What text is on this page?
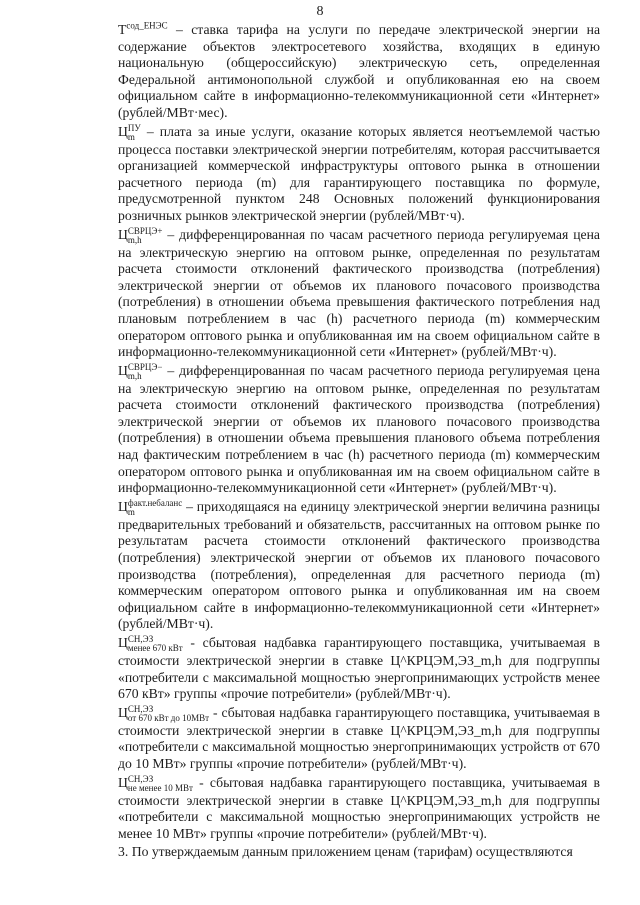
8

$Т^{сод\_ЕНЭС}$ – ставка тарифа на услуги по передаче электрической энергии на содержание объектов электросетевого хозяйства, входящих в единую национальную (общероссийскую) электрическую сеть, определенная Федеральной антимонопольной службой и опубликованная ею на своем официальном сайте в информационно-телекоммуникационной сети «Интернет» (рублей/МВт·мес).

Ц ПУ
m – плата за иные услуги, оказание которых является неотъемлемой частью процесса поставки электрической энергии потребителям, которая рассчитывается организацией коммерческой инфраструктуры оптового рынка в отношении расчетного периода (m) для гарантирующего поставщика по формуле, предусмотренной пунктом 248 Основных положений функционирования розничных рынков электрической энергии (рублей/МВт·ч).

Ц СВРЦЭ+
m,h	– дифференцированная по часам расчетного периода регулируемая цена на электрическую энергию на оптовом рынке, определенная по результатам расчета стоимости отклонений фактического производства (потребления) электрической энергии от объемов их планового почасового производства (потребления) в отношении объема превышения фактического потребления над плановым потреблением в час (h) расчетного периода (m) коммерческим оператором оптового рынка и опубликованная им на своем официальном сайте в информационно-телекоммуникационной сети «Интернет» (рублей/МВт·ч).

Ц СВРЦЭ−
m,h	– дифференцированная по часам расчетного периода регулируемая цена на электрическую энергию на оптовом рынке, определенная по результатам расчета стоимости отклонений фактического производства (потребления) электрической энергии от объемов их планового почасового производства (потребления) в отношении объема превышения планового объема потребления над фактическим потреблением в час (h) расчетного периода (m) коммерческим оператором оптового рынка и опубликованная им на своем официальном сайте в информационно-телекоммуникационной сети «Интернет» (рублей/МВт·ч).

Ц факт.небаланс
m	– приходящаяся на единицу электрической энергии величина разницы предварительных требований и обязательств, рассчитанных на оптовом рынке по результатам расчета стоимости отклонений фактического производства (потребления) электрической энергии от объемов их планового почасового производства (потребления), определенная для расчетного периода (m) коммерческим оператором оптового рынка и опубликованная им на своем официальном сайте в информационно-телекоммуникационной сети «Интернет» (рублей/МВт·ч).

Ц СН,ЭЗ
менее 670 кВт - сбытовая надбавка гарантирующего поставщика, учитываемая в стоимости электрической энергии в ставке Ц^КРЦЭМ,ЭЗ_m,h для подгруппы «потребители с максимальной мощностью энергопринимающих устройств менее 670 кВт» группы «прочие потребители» (рублей/МВт·ч).

Ц СН,ЭЗ
от 670 кВт до 10МВт - сбытовая надбавка гарантирующего поставщика, учитываемая в стоимости электрической энергии в ставке Ц^КРЦЭМ,ЭЗ_m,h для подгруппы «потребители с максимальной мощностью энергопринимающих устройств от 670 до 10 МВт» группы «прочие потребители» (рублей/МВт·ч).

Ц СН,ЭЗ
не менее 10 МВт - сбытовая надбавка гарантирующего поставщика, учитываемая в стоимости электрической энергии в ставке Ц^КРЦЭМ,ЭЗ_m,h для подгруппы «потребители с максимальной мощностью энергопринимающих устройств не менее 10 МВт» группы «прочие потребители» (рублей/МВт·ч).

3. По утверждаемым данным приложением ценам (тарифам) осуществляются
